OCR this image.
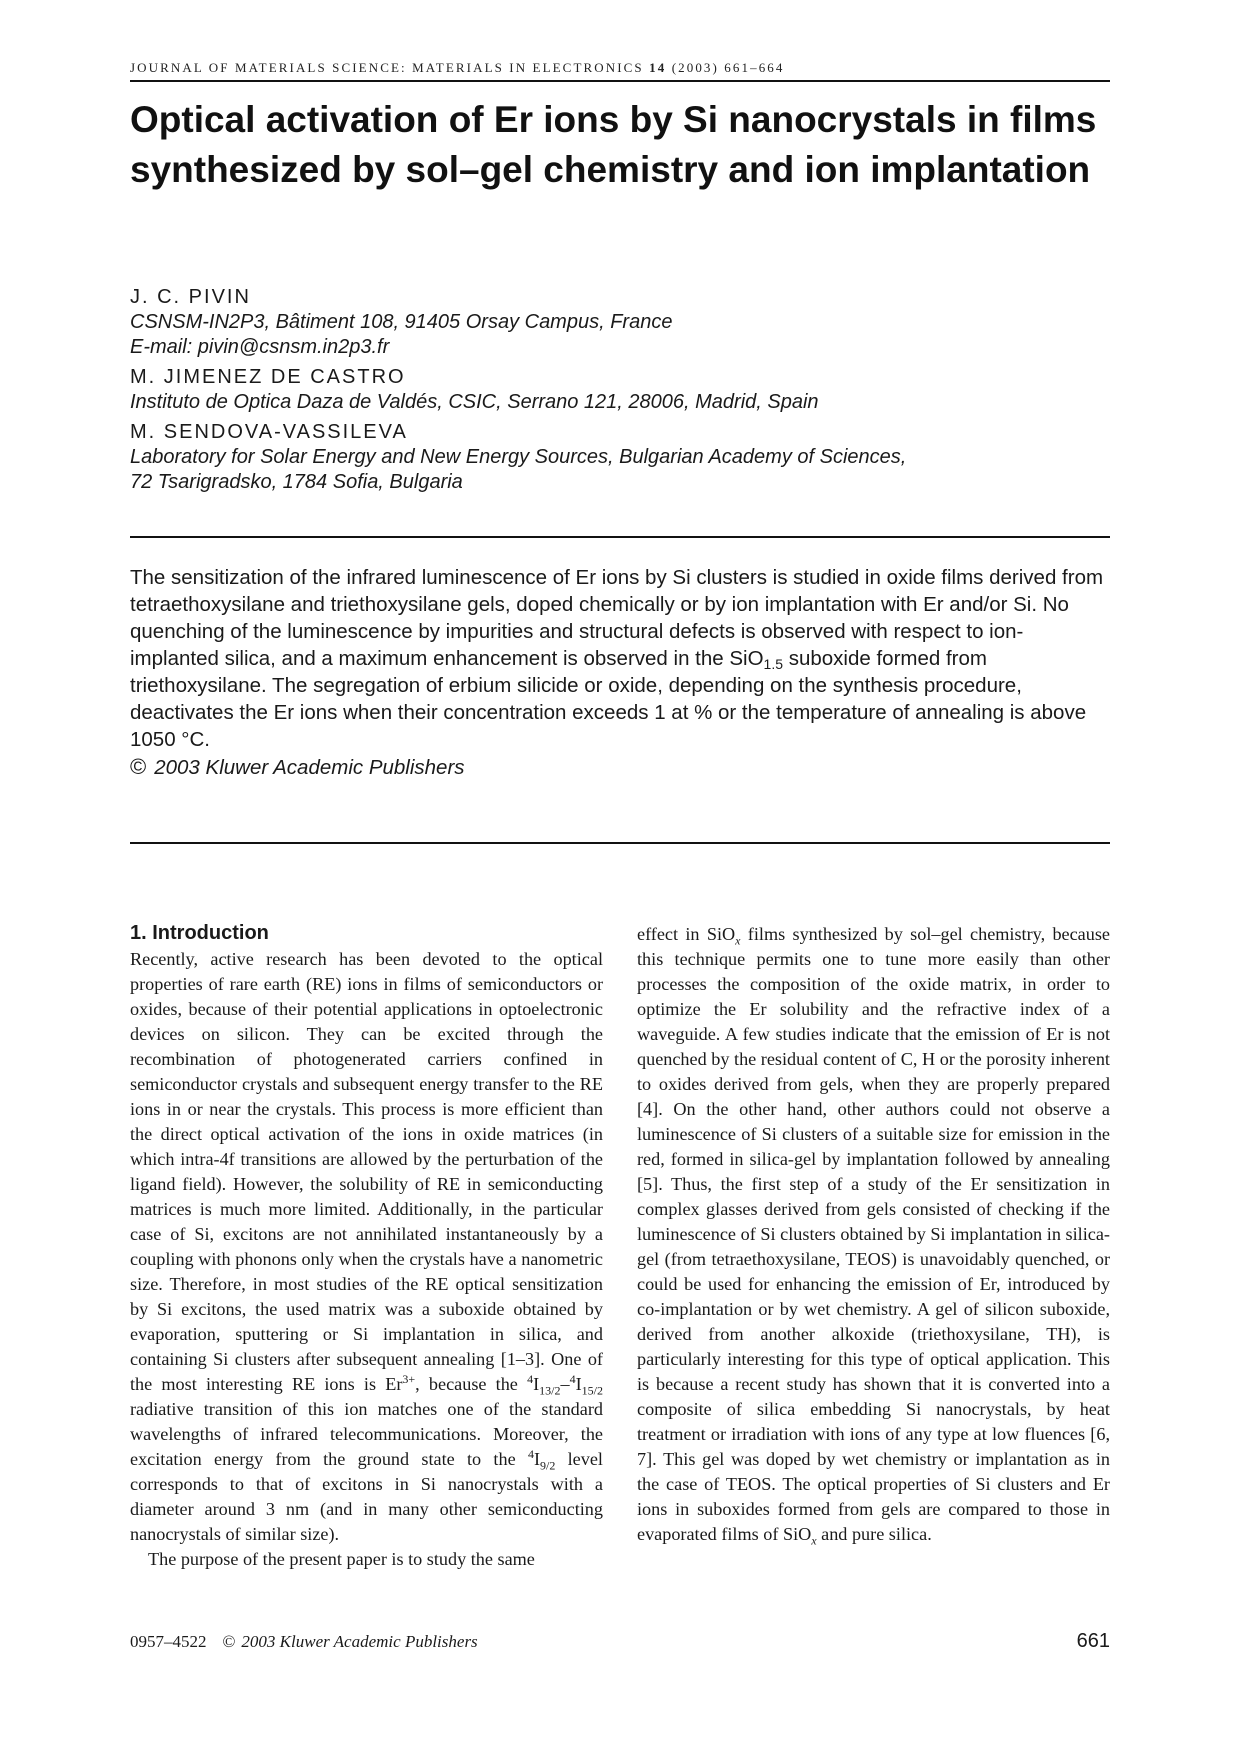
JOURNAL OF MATERIALS SCIENCE: MATERIALS IN ELECTRONICS 14 (2003) 661–664
Optical activation of Er ions by Si nanocrystals in films synthesized by sol–gel chemistry and ion implantation
J. C. PIVIN
CSNSM-IN2P3, Bâtiment 108, 91405 Orsay Campus, France
E-mail: pivin@csnsm.in2p3.fr
M. JIMENEZ DE CASTRO
Instituto de Optica Daza de Valdés, CSIC, Serrano 121, 28006, Madrid, Spain
M. SENDOVA-VASSILEVA
Laboratory for Solar Energy and New Energy Sources, Bulgarian Academy of Sciences,
72 Tsarigradsko, 1784 Sofia, Bulgaria
The sensitization of the infrared luminescence of Er ions by Si clusters is studied in oxide films derived from tetraethoxysilane and triethoxysilane gels, doped chemically or by ion implantation with Er and/or Si. No quenching of the luminescence by impurities and structural defects is observed with respect to ion-implanted silica, and a maximum enhancement is observed in the SiO$_{1.5}$ suboxide formed from triethoxysilane. The segregation of erbium silicide or oxide, depending on the synthesis procedure, deactivates the Er ions when their concentration exceeds 1 at % or the temperature of annealing is above 1050 °C.
© 2003 Kluwer Academic Publishers
1. Introduction

Recently, active research has been devoted to the optical properties of rare earth (RE) ions in films of semiconductors or oxides, because of their potential applications in optoelectronic devices on silicon. They can be excited through the recombination of photogenerated carriers confined in semiconductor crystals and subsequent energy transfer to the RE ions in or near the crystals. This process is more efficient than the direct optical activation of the ions in oxide matrices (in which intra-4f transitions are allowed by the perturbation of the ligand field). However, the solubility of RE in semiconducting matrices is much more limited. Additionally, in the particular case of Si, excitons are not annihilated instantaneously by a coupling with phonons only when the crystals have a nanometric size. Therefore, in most studies of the RE optical sensitization by Si excitons, the used matrix was a suboxide obtained by evaporation, sputtering or Si implantation in silica, and containing Si clusters after subsequent annealing [1–3]. One of the most interesting RE ions is $Er^{3+}$, because the $^4I_{13/2}-^4I_{15/2}$ radiative transition of this ion matches one of the standard wavelengths of infrared telecommunications. Moreover, the excitation energy from the ground state to the $^4I_{9/2}$ level corresponds to that of excitons in Si nanocrystals with a diameter around 3 nm (and in many other semiconducting nanocrystals of similar size).

The purpose of the present paper is to study the same

effect in SiO$_x$ films synthesized by sol–gel chemistry, because this technique permits one to tune more easily than other processes the composition of the oxide matrix, in order to optimize the Er solubility and the refractive index of a waveguide. A few studies indicate that the emission of Er is not quenched by the residual content of C, H or the porosity inherent to oxides derived from gels, when they are properly prepared [4]. On the other hand, other authors could not observe a luminescence of Si clusters of a suitable size for emission in the red, formed in silica-gel by implantation followed by annealing [5]. Thus, the first step of a study of the Er sensitization in complex glasses derived from gels consisted of checking if the luminescence of Si clusters obtained by Si implantation in silica-gel (from tetraethoxysilane, TEOS) is unavoidably quenched, or could be used for enhancing the emission of Er, introduced by co-implantation or by wet chemistry. A gel of silicon suboxide, derived from another alkoxide (triethoxysilane, TH), is particularly interesting for this type of optical application. This is because a recent study has shown that it is converted into a composite of silica embedding Si nanocrystals, by heat treatment or irradiation with ions of any type at low fluences [6, 7]. This gel was doped by wet chemistry or implantation as in the case of TEOS. The optical properties of Si clusters and Er ions in suboxides formed from gels are compared to those in evaporated films of SiO$_x$ and pure silica.

0957–4522 © 2003 Kluwer Academic Publishers	661
